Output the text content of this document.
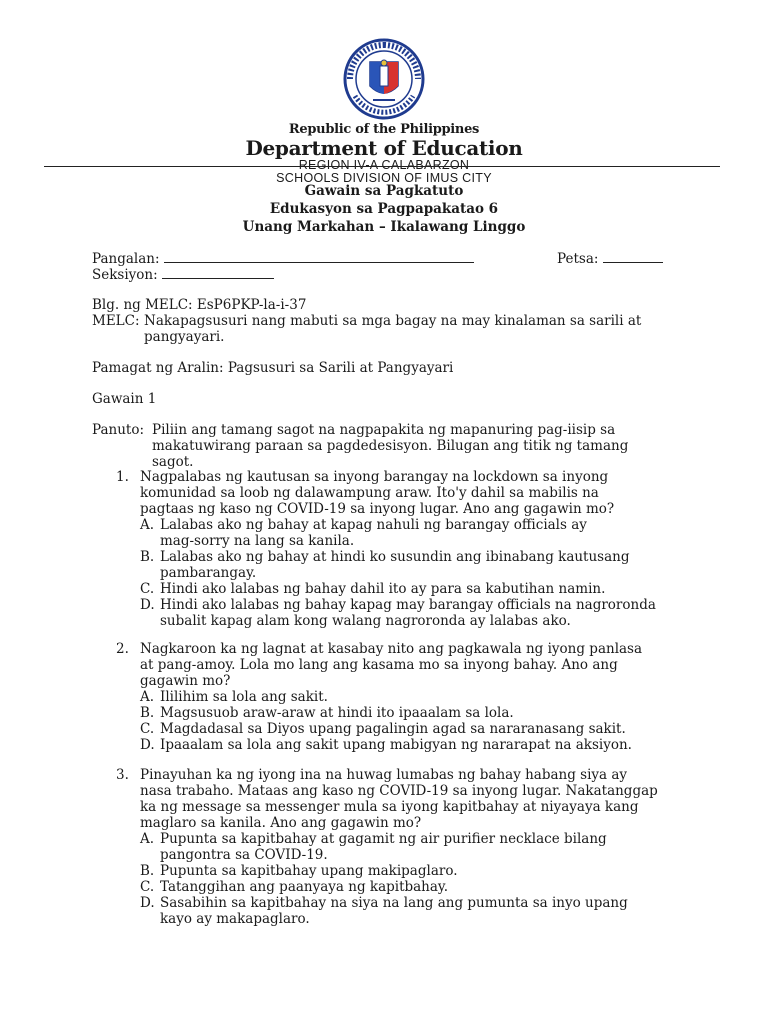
Republic of the Philippines
Department of Education
REGION IV-A CALABARZON
SCHOOLS DIVISION OF IMUS CITY
Gawain sa Pagkatuto
Edukasyon sa Pagpapakatao 6
Unang Markahan – Ikalawang Linggo
Pangalan:	Petsa:
Seksiyon:
Blg. ng MELC: EsP6PKP-la-i-37
MELC: Nakapagsusuri nang mabuti sa mga bagay na may kinalaman sa sarili at
pangyayari.
Pamagat ng Aralin: Pagsusuri sa Sarili at Pangyayari
Gawain 1
Panuto: Piliin ang tamang sagot na nagpapakita ng mapanuring pag-iisip sa
makatuwirang paraan sa pagdedesisyon. Bilugan ang titik ng tamang
sagot.
1. Nagpalabas ng kautusan sa inyong barangay na lockdown sa inyong
komunidad sa loob ng dalawampung araw. Ito'y dahil sa mabilis na
pagtaas ng kaso ng COVID-19 sa inyong lugar. Ano ang gagawin mo?
A. Lalabas ako ng bahay at kapag nahuli ng barangay officials ay
mag-sorry na lang sa kanila.
B. Lalabas ako ng bahay at hindi ko susundin ang ibinabang kautusang
pambarangay.
C. Hindi ako lalabas ng bahay dahil ito ay para sa kabutihan namin.
D. Hindi ako lalabas ng bahay kapag may barangay officials na nagroronda
subalit kapag alam kong walang nagroronda ay lalabas ako.
2. Nagkaroon ka ng lagnat at kasabay nito ang pagkawala ng iyong panlasa
at pang-amoy. Lola mo lang ang kasama mo sa inyong bahay. Ano ang
gagawin mo?
A. Ililihim sa lola ang sakit.
B. Magsusuob araw-araw at hindi ito ipaaalam sa lola.
C. Magdadasal sa Diyos upang pagalingin agad sa nararanasang sakit.
D. Ipaaalam sa lola ang sakit upang mabigyan ng nararapat na aksiyon.
3. Pinayuhan ka ng iyong ina na huwag lumabas ng bahay habang siya ay
nasa trabaho. Mataas ang kaso ng COVID-19 sa inyong lugar. Nakatanggap
ka ng message sa messenger mula sa iyong kapitbahay at niyayaya kang
maglaro sa kanila. Ano ang gagawin mo?
A. Pupunta sa kapitbahay at gagamit ng air purifier necklace bilang
pangontra sa COVID-19.
B. Pupunta sa kapitbahay upang makipaglaro.
C. Tatanggihan ang paanyaya ng kapitbahay.
D. Sasabihin sa kapitbahay na siya na lang ang pumunta sa inyo upang
kayo ay makapaglaro.
